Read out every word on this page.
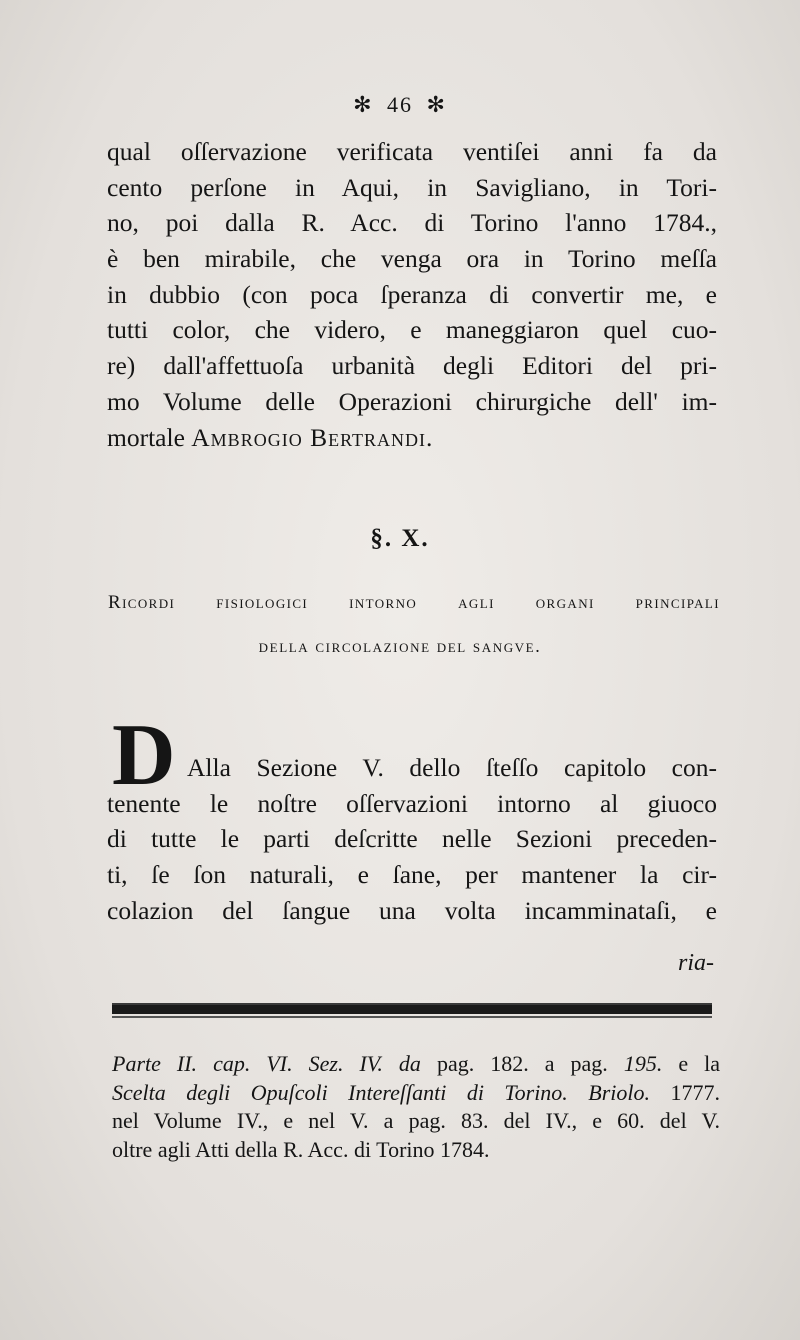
✻ 46 ✻
qual oſſervazione verificata ventiſei anni fa da
cento perſone in Aqui, in Savigliano, in Tori-
no, poi dalla R. Acc. di Torino l'anno 1784.,
è ben mirabile, che venga ora in Torino meſſa
in dubbio (con poca ſperanza di convertir me, e
tutti color, che videro, e maneggiaron quel cuo-
re) dall'affettuoſa urbanità degli Editori del pri-
mo Volume delle Operazioni chirurgiche dell' im-
mortale Ambrogio Bertrandi.
§. X.
Ricordi fisiologici intorno agli organi principali
della circolazione del sangve.
D Alla Sezione V. dello ſteſſo capitolo con-
tenente le noſtre oſſervazioni intorno al giuoco
di tutte le parti deſcritte nelle Sezioni preceden-
ti, ſe ſon naturali, e ſane, per mantener la cir-
colazion del ſangue una volta incamminataſi, e
ria-
Parte II. cap. VI. Sez. IV. da pag. 182. a pag. 195. e la
Scelta degli Opuſcoli Intereſſanti di Torino. Briolo. 1777.
nel Volume IV., e nel V. a pag. 83. del IV., e 60. del V.
oltre agli Atti della R. Acc. di Torino 1784.
